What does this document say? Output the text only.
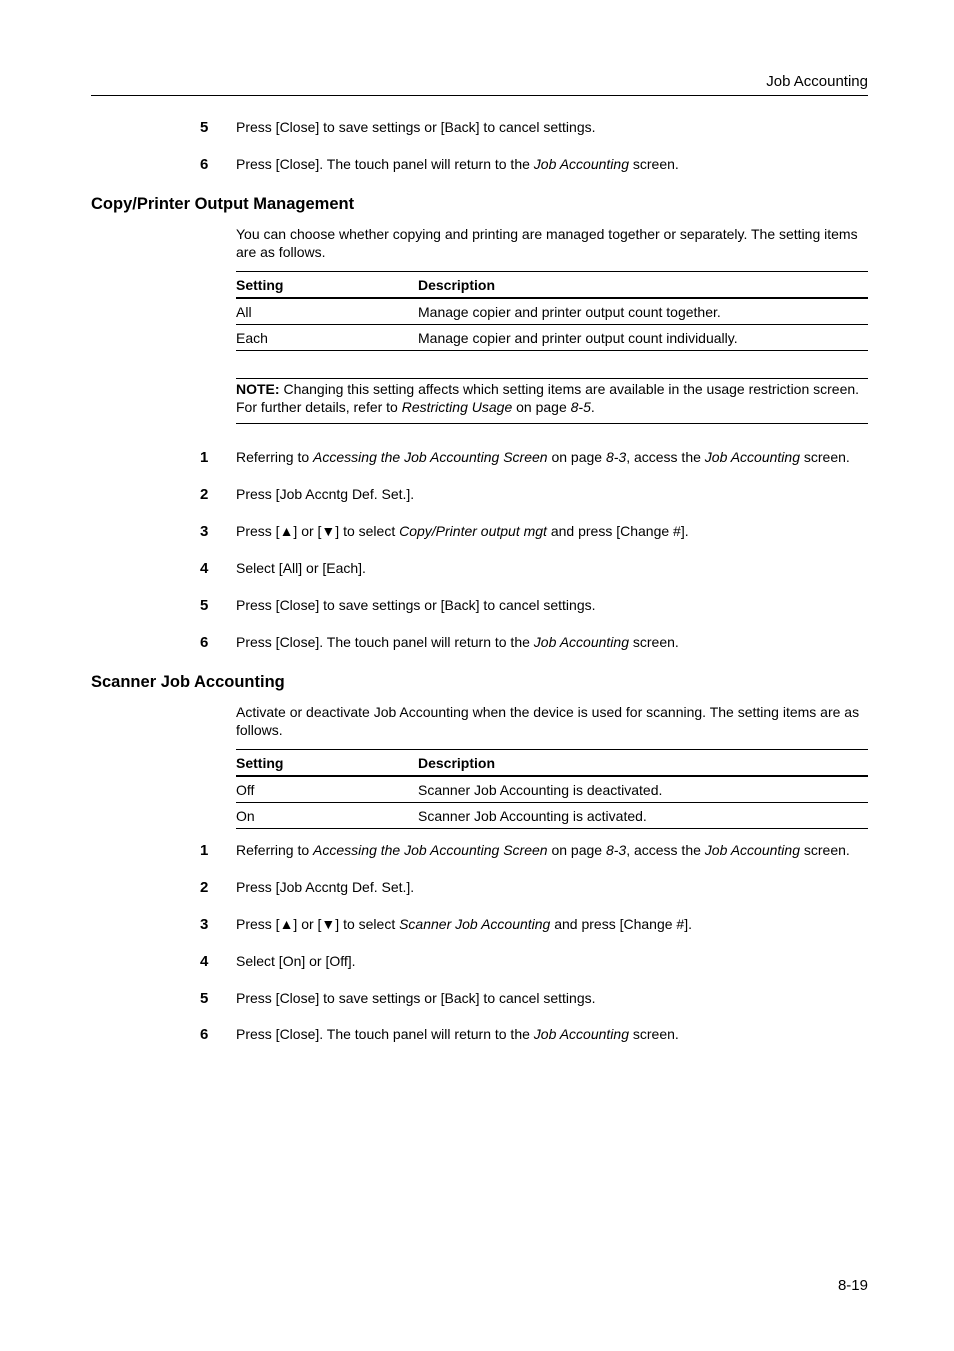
Job Accounting
5 Press [Close] to save settings or [Back] to cancel settings.
6 Press [Close]. The touch panel will return to the Job Accounting screen.
Copy/Printer Output Management
You can choose whether copying and printing are managed together or separately. The setting items are as follows.
Setting	Description
All	Manage copier and printer output count together.
Each	Manage copier and printer output count individually.
NOTE: Changing this setting affects which setting items are available in the usage restriction screen. For further details, refer to Restricting Usage on page 8-5.
1 Referring to Accessing the Job Accounting Screen on page 8-3, access the Job Accounting screen.
2 Press [Job Accntg Def. Set.].
3 Press [▲] or [▼] to select Copy/Printer output mgt and press [Change #].
4 Select [All] or [Each].
5 Press [Close] to save settings or [Back] to cancel settings.
6 Press [Close]. The touch panel will return to the Job Accounting screen.
Scanner Job Accounting
Activate or deactivate Job Accounting when the device is used for scanning. The setting items are as follows.
Setting	Description
Off	Scanner Job Accounting is deactivated.
On	Scanner Job Accounting is activated.
1 Referring to Accessing the Job Accounting Screen on page 8-3, access the Job Accounting screen.
2 Press [Job Accntg Def. Set.].
3 Press [▲] or [▼] to select Scanner Job Accounting and press [Change #].
4 Select [On] or [Off].
5 Press [Close] to save settings or [Back] to cancel settings.
6 Press [Close]. The touch panel will return to the Job Accounting screen.
8-19
